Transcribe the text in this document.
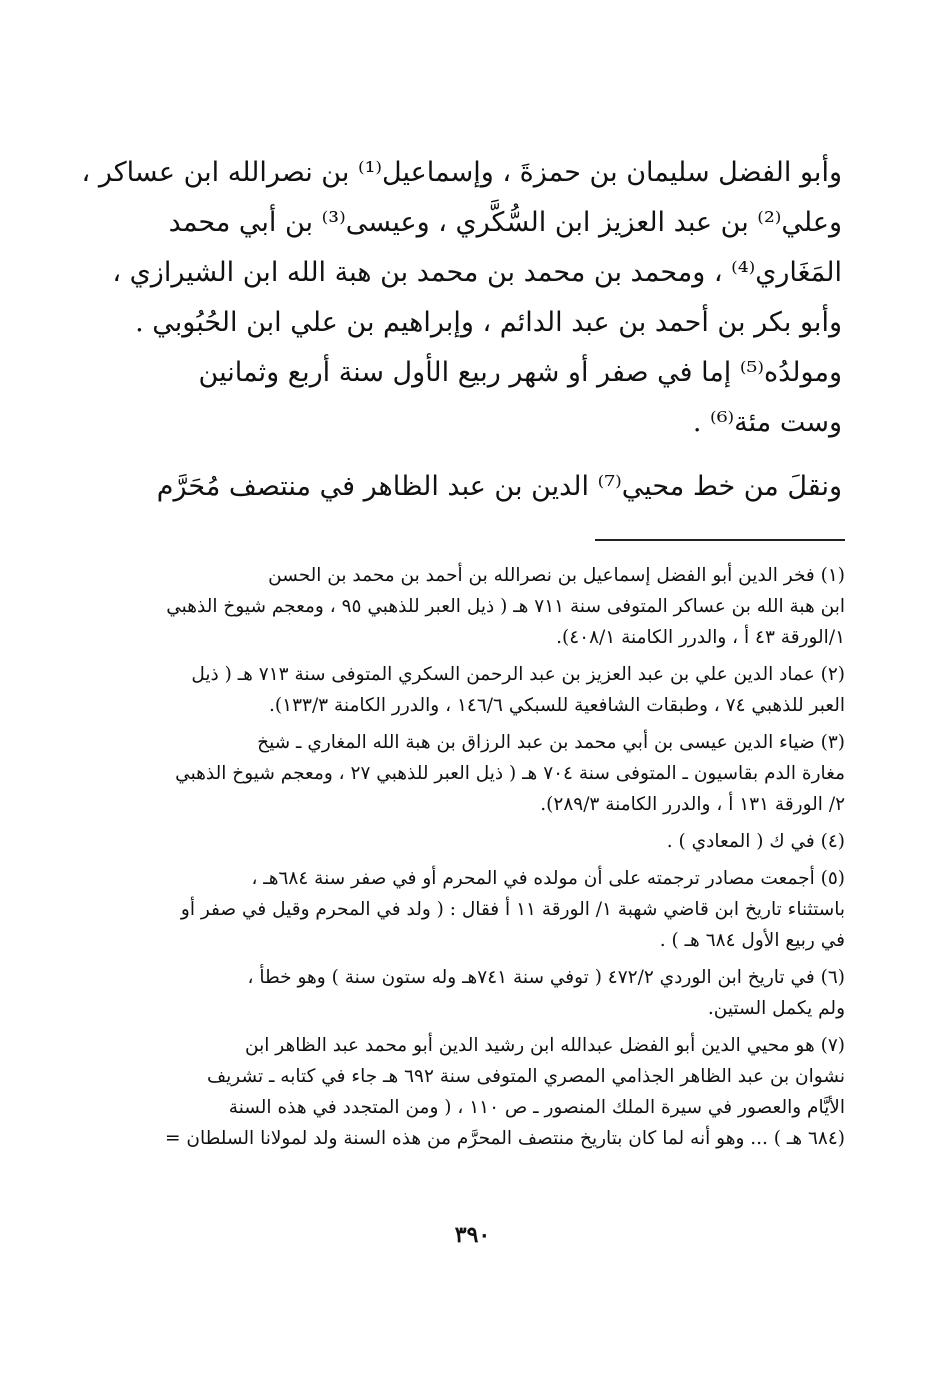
وأبو الفضل سليمان بن حمزةَ ، وإسماعيل⁽¹⁾ بن نصرالله ابن عساكر ،
وعلي⁽²⁾ بن عبد العزيز ابن السُّكَّري ، وعيسى⁽³⁾ بن أبي محمد
المَغَاري⁽⁴⁾ ، ومحمد بن محمد بن محمد بن هبة الله ابن الشيرازي ،
وأبو بكر بن أحمد بن عبد الدائم ، وإبراهيم بن علي ابن الحُبُوبي .
ومولدُه⁽⁵⁾ إما في صفر أو شهر ربيع الأول سنة أربع وثمانين
وست مئة⁽⁶⁾ .
ونقلَ من خط محيي⁽⁷⁾ الدين بن عبد الظاهر في منتصف مُحَرَّم
(١) فخر الدين أبو الفضل إسماعيل بن نصرالله بن أحمد بن محمد بن الحسن
ابن هبة الله بن عساكر المتوفى سنة ٧١١ هـ ( ذيل العبر للذهبي ٩٥ ، ومعجم شيوخ الذهبي
١/الورقة ٤٣ أ ، والدرر الكامنة ٤٠٨/١).
(٢) عماد الدين علي بن عبد العزيز بن عبد الرحمن السكري المتوفى سنة ٧١٣ هـ ( ذيل
العبر للذهبي ٧٤ ، وطبقات الشافعية للسبكي ١٤٦/٦ ، والدرر الكامنة ١٣٣/٣).
(٣) ضياء الدين عيسى بن أبي محمد بن عبد الرزاق بن هبة الله المغاري ـ شيخ
مغارة الدم بقاسيون ـ المتوفى سنة ٧٠٤ هـ ( ذيل العبر للذهبي ٢٧ ، ومعجم شيوخ الذهبي
٢/ الورقة ١٣١ أ ، والدرر الكامنة ٢٨٩/٣).
(٤) في ك ( المعادي ) .
(٥) أجمعت مصادر ترجمته على أن مولده في المحرم أو في صفر سنة ٦٨٤هـ ،
باستثناء تاريخ ابن قاضي شهبة ١/ الورقة ١١ أ فقال : ( ولد في المحرم وقيل في صفر أو
في ربيع الأول ٦٨٤ هـ ) .
(٦) في تاريخ ابن الوردي ٤٧٢/٢ ( توفي سنة ٧٤١هـ وله ستون سنة ) وهو خطأ ،
ولم يكمل الستين.
(٧) هو محيي الدين أبو الفضل عبدالله ابن رشيد الدين أبو محمد عبد الظاهر ابن
نشوان بن عبد الظاهر الجذامي المصري المتوفى سنة ٦٩٢ هـ جاء في كتابه ـ تشريف
الأيَّام والعصور في سيرة الملك المنصور ـ ص ١١٠ ، ( ومن المتجدد في هذه السنة
(٦٨٤ هـ ) ... وهو أنه لما كان بتاريخ منتصف المحرَّم من هذه السنة ولد لمولانا السلطان =
٣٩٠
